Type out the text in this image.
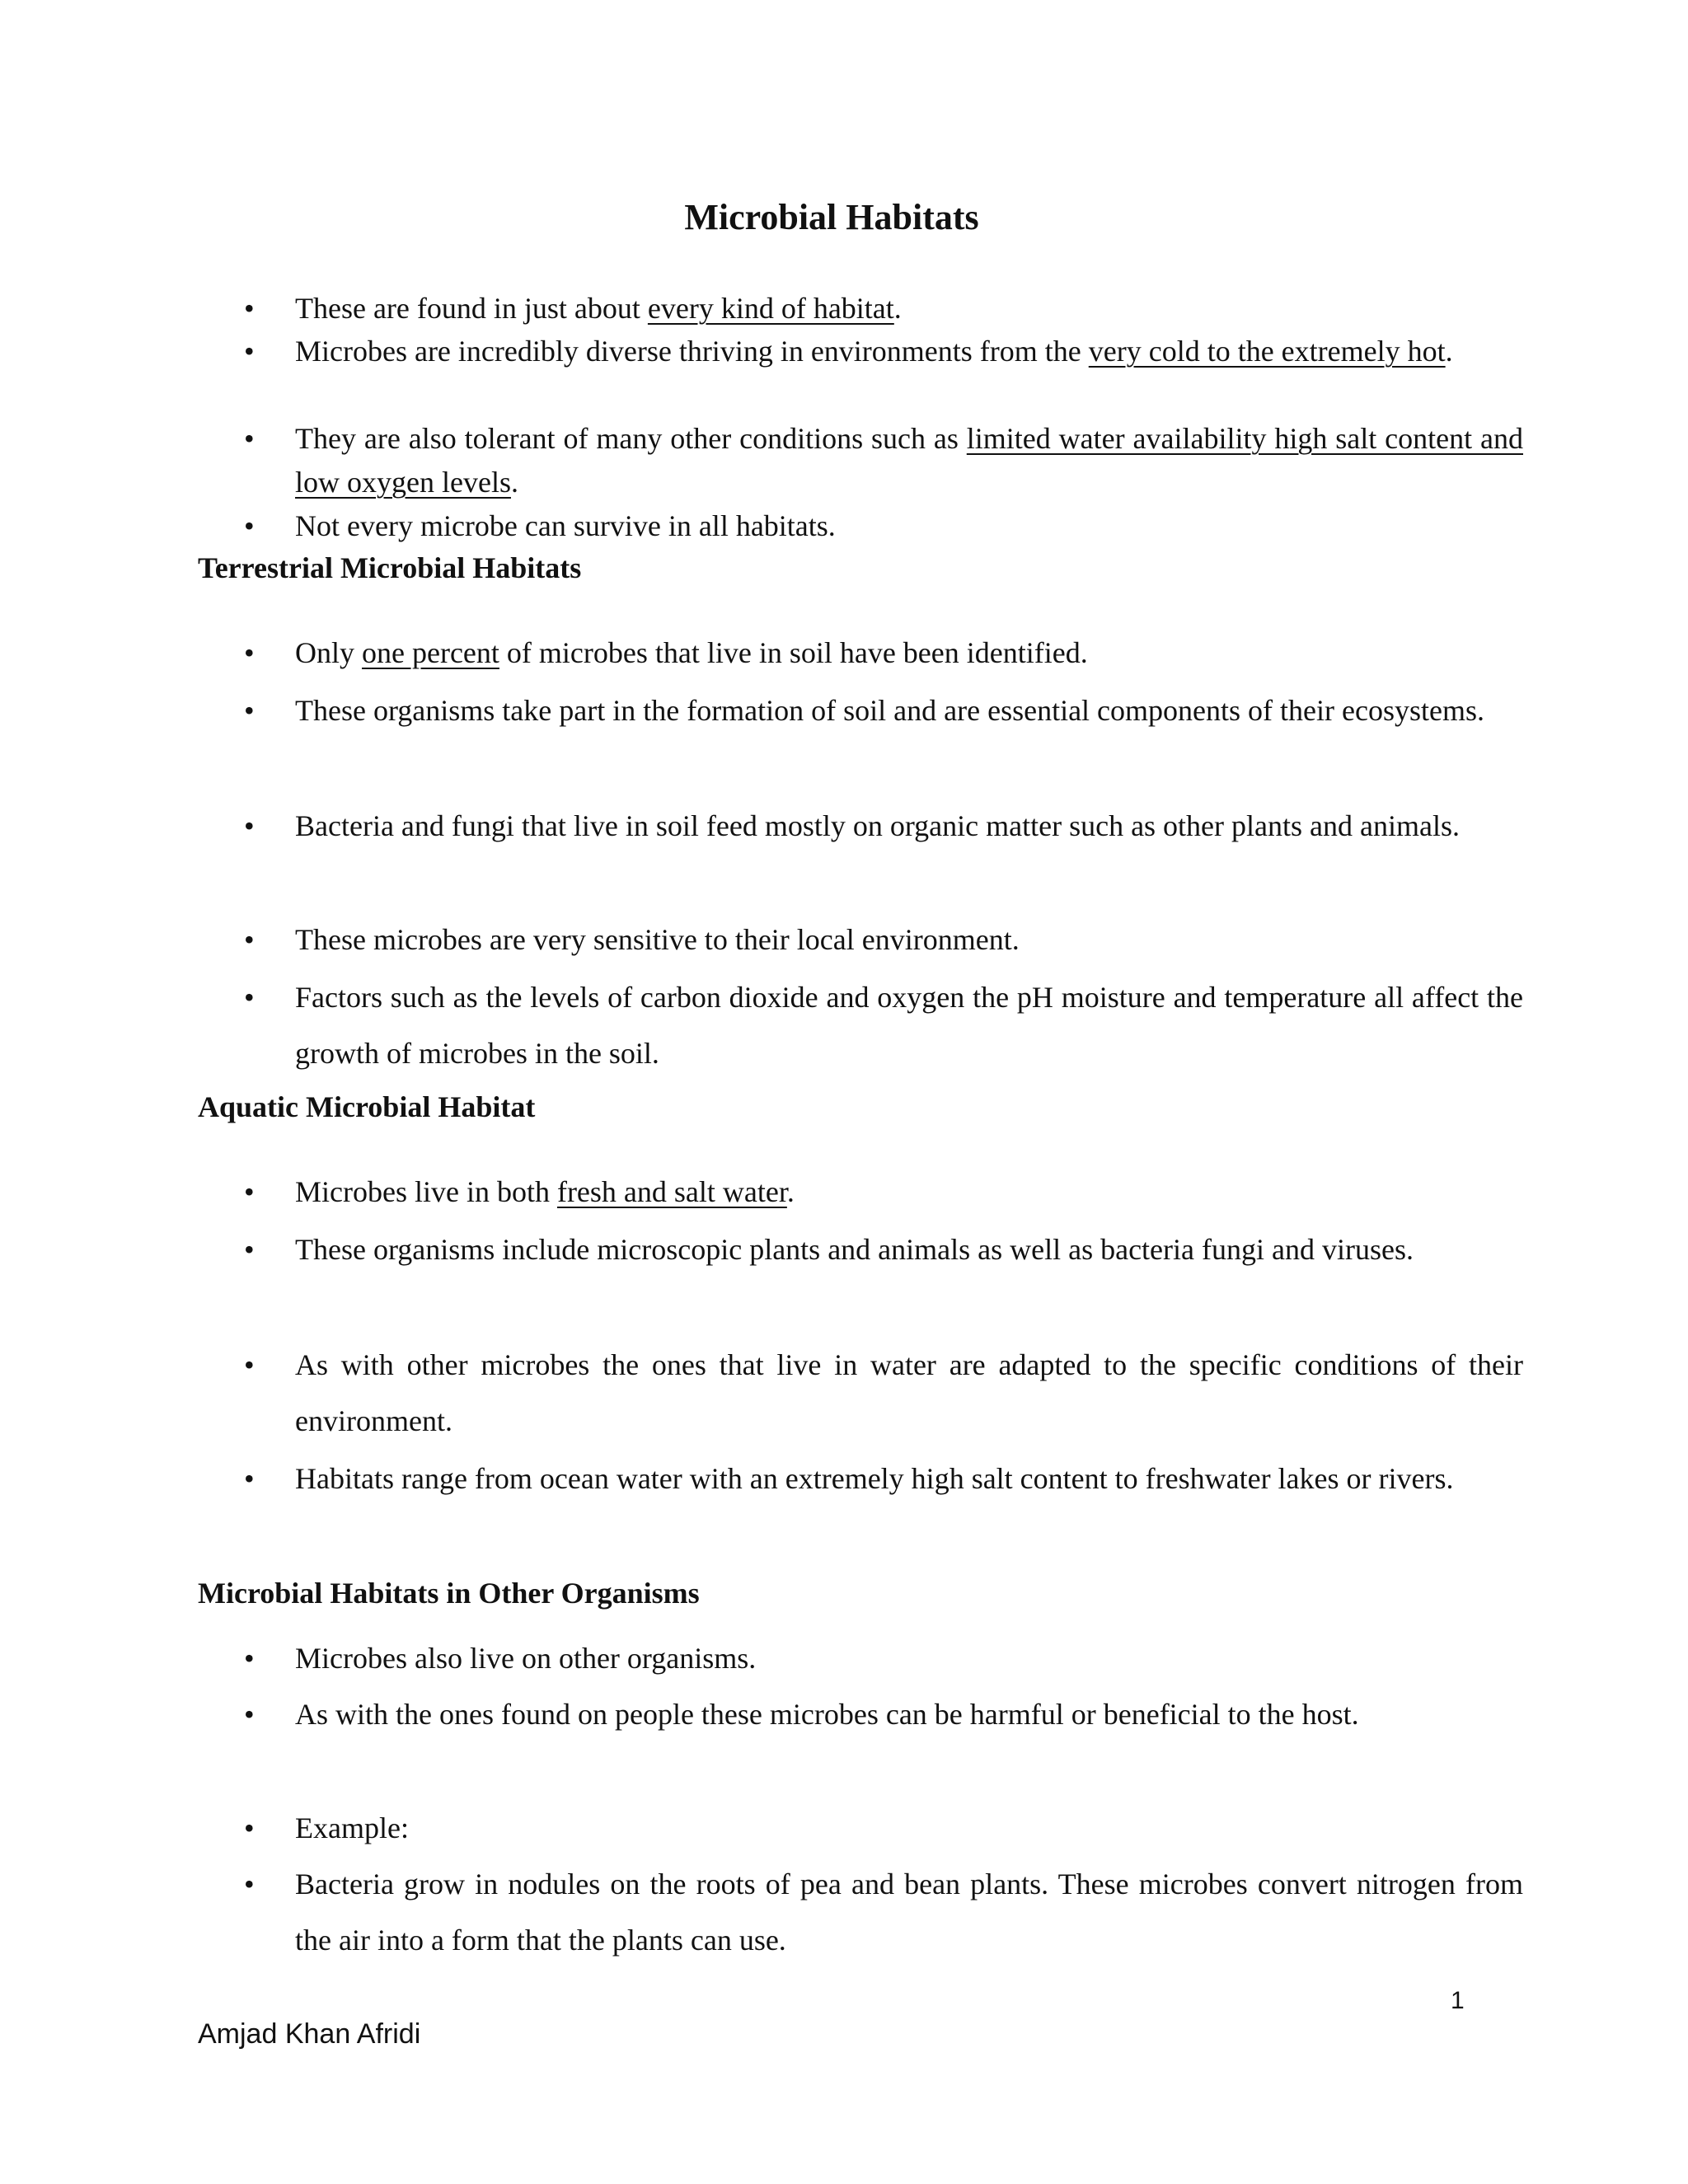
Microbial Habitats
•	These are found in just about every kind of habitat.
•	Microbes are incredibly diverse thriving in environments from the very cold to the extremely hot.
•	They are also tolerant of many other conditions such as limited water availability high salt content and low oxygen levels.
•	Not every microbe can survive in all habitats.
Terrestrial Microbial Habitats
•	Only one percent of microbes that live in soil have been identified.
•	These organisms take part in the formation of soil and are essential components of their ecosystems.
•	Bacteria and fungi that live in soil feed mostly on organic matter such as other plants and animals.
•	These microbes are very sensitive to their local environment.
•	Factors such as the levels of carbon dioxide and oxygen the pH moisture and temperature all affect the growth of microbes in the soil.
Aquatic Microbial Habitat
•	Microbes live in both fresh and salt water.
•	These organisms include microscopic plants and animals as well as bacteria fungi and viruses.
•	As with other microbes the ones that live in water are adapted to the specific conditions of their environment.
•	Habitats range from ocean water with an extremely high salt content to freshwater lakes or rivers.
Microbial Habitats in Other Organisms
•	Microbes also live on other organisms.
•	As with the ones found on people these microbes can be harmful or beneficial to the host.
•	Example:
•	Bacteria grow in nodules on the roots of pea and bean plants. These microbes convert nitrogen from the air into a form that the plants can use.
1
Amjad Khan Afridi
